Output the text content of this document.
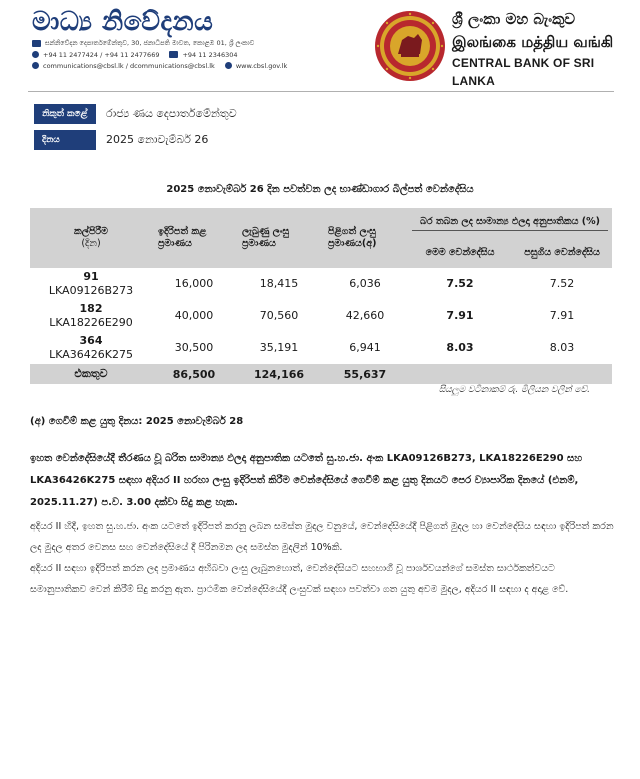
මාධ්‍ය නිවේදනය
සන්නිවේදන දෙපාර්තමේන්තුව, 30, ජනාධිපති මාවත, කොළඹ 01, ශ්‍රී ලංකාව
+94 11 2477424 / +94 11 2477669	+94 11 2346304
communications@cbsl.lk / dcommunications@cbsl.lk	www.cbsl.gov.lk
ශ්‍රී ලංකා මහ බැංකුව
இலங்கை மத்திய வங்கி
CENTRAL BANK OF SRI LANKA
නිකුත් කළේ	රාජ්‍ය ණය දෙපාර්තමේන්තුව
දිනය	2025 නොවැම්බර් 26
2025 නොවැම්බර් 26 දින පවත්වන ලද භාණ්ඩාගාර බිල්පත් වෙන්දේසිය
කල්පිරීම
(දින)	ඉදිරිපත් කළ ප්‍රමාණය	ලැබුණු ලංසු ප්‍රමාණය	පිළිගත් ලංසු ප්‍රමාණය(අ)	බර තබන ලද සාමාන්‍ය ඵලදා අනුපාතිකය (%)	

				මෙම වෙන්දේසිය	පසුගිය වෙන්දේසිය
91
LKA09126B273	16,000	18,415	6,036	7.52	7.52
182
LKA18226E290	40,000	70,560	42,660	7.91	7.91
364
LKA36426K275	30,500	35,191	6,941	8.03	8.03
එකතුව	86,500	124,166	55,637		
සියලුම වටිනාකම් රු. මිලියන වලින් වේ.
(අ) ගෙවීම් කළ යුතු දිනය: 2025 නොවැම්බර් 28
ඉහත වෙන්දේසියේදී තීරණය වූ බරිත සාමාන්‍ය ඵලදා අනුපාතික යටතේ සු.හ.ජා. අංක LKA09126B273, LKA18226E290 සහ LKA36426K275 සඳහා අදියර II හරහා ලංසු ඉදිරිපත් කිරීම වෙන්දේසියේ ගෙවීම් කළ යුතු දිනයට පෙර ව්‍යාපාරික දිනයේ (එනම්, 2025.11.27) ප.ව. 3.00 දක්වා සිදු කළ හැක.
අදියර II හිදී, ඉහත සු.හ.ජා. අංක යටතේ ඉදිරිපත් කරනු ලබන සමස්ත මුදල වනුයේ, වෙන්දේසියේදී පිළිගත් මුදල හා වෙන්දේසිය සඳහා ඉදිරිපත් කරන ලද මුදල අතර වෙනස සහ වෙන්දේසියේ දී පිරිනමන ලද සමස්ත මුදලින් 10%කි.
අදියර II සඳහා ඉදිරිපත් කරන ලද ප්‍රමාණය අභිබවා ලංසු ලැබුනහොත්, වෙන්දේසියට සහභාගී වූ පාර්ශවයන්ගේ සමස්ත සාර්ථකත්වයට සමානුපාතිකව වෙන් කිරීම් සිදු කරනු ඇත. ප්‍රාථමික වෙන්දේසියේදී ලංසුවක් සඳහා පවත්වා ගත යුතු අවම මුදල, අදියර II සඳහා ද අදාළ වේ.
